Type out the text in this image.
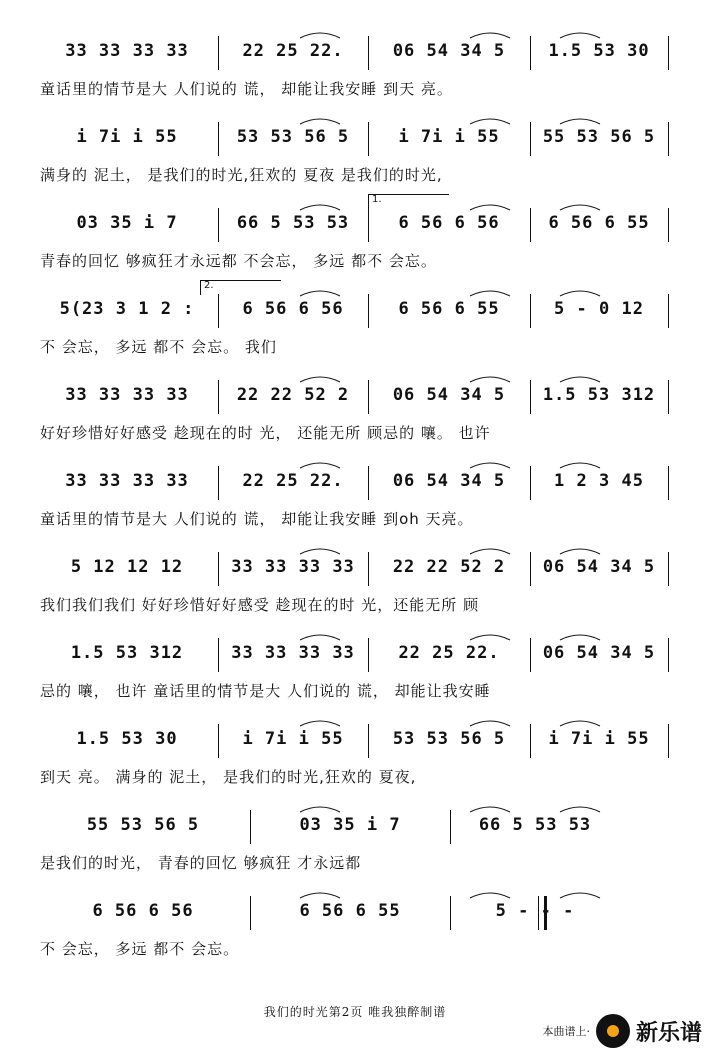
33 33 33 33	22 25 22.	06 54 34 5	1.5 53 30
童话里的情节是大 人们说的 谎， 却能让我安睡 到天 亮。
i 7i i 55	53 53 56 5	i 7i i 55	55 53 56 5
满身的 泥土， 是我们的时光,狂欢的 夏夜 是我们的时光,
03 35 i 7	66 5 53 53	6 56 6 56	6 56 6 55
1.
青春的回忆 够疯狂才永远都 不会忘， 多远 都不 会忘。
5(23 3 1 2 :	6 56 6 56	6 56 6 55	5 - 0 12
2.
不 会忘， 多远 都不 会忘。 我们
33 33 33 33	22 22 52 2	06 54 34 5	1.5 53 312
好好珍惜好好感受 趁现在的时 光， 还能无所 顾忌的 嚷。 也许
33 33 33 33	22 25 22.	06 54 34 5	1 2 3 45
童话里的情节是大 人们说的 谎， 却能让我安睡 到oh 天亮。
5 12 12 12	33 33 33 33	22 22 52 2	06 54 34 5
我们我们我们 好好珍惜好好感受 趁现在的时 光，还能无所 顾
1.5 53 312	33 33 33 33	22 25 22.	06 54 34 5
忌的 嚷， 也许 童话里的情节是大 人们说的 谎， 却能让我安睡
1.5 53 30	i 7i i 55	53 53 56 5	i 7i i 55
到天 亮。 满身的 泥土， 是我们的时光,狂欢的 夏夜,
55 53 56 5	03 35 i 7	66 5 53 53
是我们的时光， 青春的回忆 够疯狂 才永远都
6 56 6 56	6 56 6 55	5 - - -
不 会忘， 多远 都不 会忘。
我们的时光第2页 唯我独醉制谱
本曲谱上· 新乐谱
